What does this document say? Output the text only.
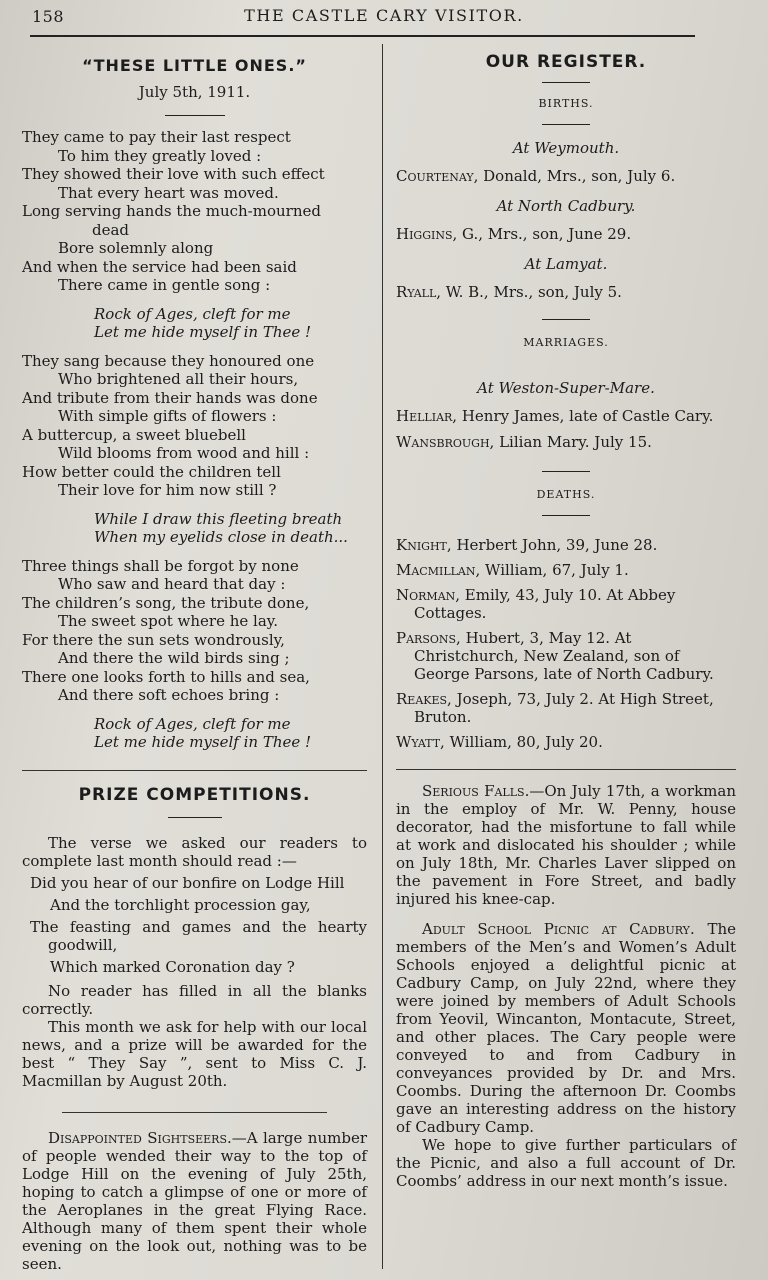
158	THE CASTLE CARY VISITOR.
“THESE LITTLE ONES.”
July 5th, 1911.
They came to pay their last respect
To him they greatly loved :
They showed their love with such effect
That every heart was moved.
Long serving hands the much-mourned
dead
Bore solemnly along
And when the service had been said
There came in gentle song :
Rock of Ages, cleft for me
Let me hide myself in Thee !
They sang because they honoured one
Who brightened all their hours,
And tribute from their hands was done
With simple gifts of flowers :
A buttercup, a sweet bluebell
Wild blooms from wood and hill :
How better could the children tell
Their love for him now still ?
While I draw this fleeting breath
When my eyelids close in death...
Three things shall be forgot by none
Who saw and heard that day :
The children’s song, the tribute done,
The sweet spot where he lay.
For there the sun sets wondrously,
And there the wild birds sing ;
There one looks forth to hills and sea,
And there soft echoes bring :
Rock of Ages, cleft for me
Let me hide myself in Thee !
PRIZE COMPETITIONS.
The verse we asked our readers to complete last month should read :—
Did you hear of our bonfire on Lodge Hill
And the torchlight procession gay,
The feasting and games and the hearty goodwill,
Which marked Coronation day ?
No reader has filled in all the blanks correctly.
This month we ask for help with our local news, and a prize will be awarded for the best “ They Say ”, sent to Miss C. J. Macmillan by August 20th.
Disappointed Sightseers.—A large number of people wended their way to the top of Lodge Hill on the evening of July 25th, hoping to catch a glimpse of one or more of the Aeroplanes in the great Flying Race. Although many of them spent their whole evening on the look out, nothing was to be seen.
OUR REGISTER.
BIRTHS.
At Weymouth.
Courtenay, Donald, Mrs., son, July 6.
At North Cadbury.
Higgins, G., Mrs., son, June 29.
At Lamyat.
Ryall, W. B., Mrs., son, July 5.
MARRIAGES.
At Weston-Super-Mare.
Helliar, Henry James, late of Castle Cary.
Wansbrough, Lilian Mary. July 15.
DEATHS.
Knight, Herbert John, 39, June 28.
Macmillan, William, 67, July 1.
Norman, Emily, 43, July 10. At Abbey Cottages.
Parsons, Hubert, 3, May 12. At Christchurch, New Zealand, son of George Parsons, late of North Cadbury.
Reakes, Joseph, 73, July 2. At High Street, Bruton.
Wyatt, William, 80, July 20.
Serious Falls.—On July 17th, a workman in the employ of Mr. W. Penny, house decorator, had the misfortune to fall while at work and dislocated his shoulder ; while on July 18th, Mr. Charles Laver slipped on the pavement in Fore Street, and badly injured his knee-cap.
Adult School Picnic at Cadbury. The members of the Men’s and Women’s Adult Schools enjoyed a delightful picnic at Cadbury Camp, on July 22nd, where they were joined by members of Adult Schools from Yeovil, Wincanton, Montacute, Street, and other places. The Cary people were conveyed to and from Cadbury in conveyances provided by Dr. and Mrs. Coombs. During the afternoon Dr. Coombs gave an interesting address on the history of Cadbury Camp.
We hope to give further particulars of the Picnic, and also a full account of Dr. Coombs’ address in our next month’s issue.
